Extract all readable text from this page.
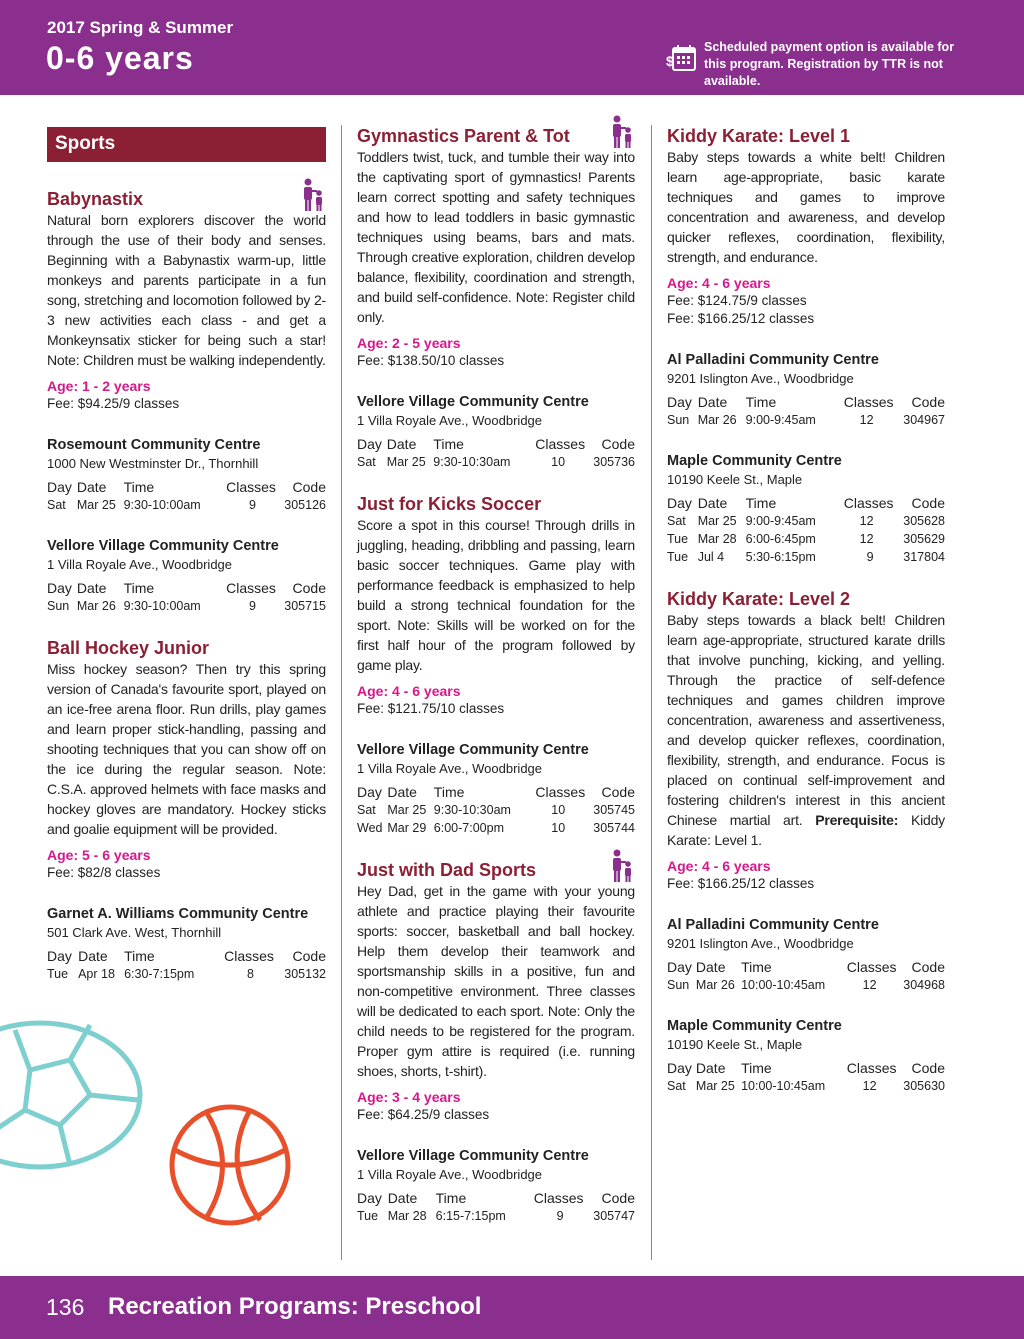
2017 Spring & Summer
0-6 years	$
Scheduled payment option is available for this program. Registration by TTR is not available.
Sports
Babynastix

Natural born explorers discover the world through the use of their body and senses. Beginning with a Babynastix warm-up, little monkeys and parents participate in a fun song, stretching and locomotion followed by 2-3 new activities each class - and get a Monkeynsatix sticker for being such a star! Note: Children must be walking independently.

Age: 1 - 2 years
Fee: $94.25/9 classes
Rosemount Community Centre
1000 New Westminster Dr., Thornhill
Day	Date	Time	Classes	Code
Sat	Mar 25	9:30-10:00am	9	305126
Vellore Village Community Centre
1 Villa Royale Ave., Woodbridge
Day	Date	Time	Classes	Code
Sun	Mar 26	9:30-10:00am	9	305715
Ball Hockey Junior

Miss hockey season? Then try this spring version of Canada's favourite sport, played on an ice-free arena floor. Run drills, play games and learn proper stick-handling, passing and shooting techniques that you can show off on the ice during the regular season. Note: C.S.A. approved helmets with face masks and hockey gloves are mandatory. Hockey sticks and goalie equipment will be provided.

Age: 5 - 6 years
Fee: $82/8 classes
Garnet A. Williams Community Centre
501 Clark Ave. West, Thornhill
Day	Date	Time	Classes	Code
Tue	Apr 18	6:30-7:15pm	8	305132
Gymnastics Parent & Tot

Toddlers twist, tuck, and tumble their way into the captivating sport of gymnastics! Parents learn correct spotting and safety techniques and how to lead toddlers in basic gymnastic techniques using beams, bars and mats. Through creative exploration, children develop balance, flexibility, coordination and strength, and build self-confidence. Note: Register child only.

Age: 2 - 5 years
Fee: $138.50/10 classes
Vellore Village Community Centre
1 Villa Royale Ave., Woodbridge
Day	Date	Time	Classes	Code
Sat	Mar 25	9:30-10:30am	10	305736
Just for Kicks Soccer

Score a spot in this course! Through drills in juggling, heading, dribbling and passing, learn basic soccer techniques. Game play with performance feedback is emphasized to help build a strong technical foundation for the sport. Note: Skills will be worked on for the first half hour of the program followed by game play.

Age: 4 - 6 years
Fee: $121.75/10 classes
Vellore Village Community Centre
1 Villa Royale Ave., Woodbridge
Day	Date	Time	Classes	Code
Sat	Mar 25	9:30-10:30am	10	305745
Wed	Mar 29	6:00-7:00pm	10	305744
Just with Dad Sports

Hey Dad, get in the game with your young athlete and practice playing their favourite sports: soccer, basketball and ball hockey. Help them develop their teamwork and sportsmanship skills in a positive, fun and non-competitive environment. Three classes will be dedicated to each sport. Note: Only the child needs to be registered for the program. Proper gym attire is required (i.e. running shoes, shorts, t-shirt).

Age: 3 - 4 years
Fee: $64.25/9 classes
Vellore Village Community Centre
1 Villa Royale Ave., Woodbridge
Day	Date	Time	Classes	Code
Tue	Mar 28	6:15-7:15pm	9	305747
Kiddy Karate: Level 1

Baby steps towards a white belt! Children learn age-appropriate, basic karate techniques and games to improve concentration and awareness, and develop quicker reflexes, coordination, flexibility, strength, and endurance.

Age: 4 - 6 years
Fee: $124.75/9 classes
Fee: $166.25/12 classes
Al Palladini Community Centre
9201 Islington Ave., Woodbridge
Day	Date	Time	Classes	Code
Sun	Mar 26	9:00-9:45am	12	304967
Maple Community Centre
10190 Keele St., Maple
Day	Date	Time	Classes	Code
Sat	Mar 25	9:00-9:45am	12	305628
Tue	Mar 28	6:00-6:45pm	12	305629
Tue	Jul 4	5:30-6:15pm	9	317804
Kiddy Karate: Level 2

Baby steps towards a black belt! Children learn age-appropriate, structured karate drills that involve punching, kicking, and yelling. Through the practice of self-defence techniques and games children improve concentration, awareness and assertiveness, and develop quicker reflexes, coordination, flexibility, strength, and endurance. Focus is placed on continual self-improvement and fostering children's interest in this ancient Chinese martial art. Prerequisite: Kiddy Karate: Level 1.

Age: 4 - 6 years
Fee: $166.25/12 classes
Al Palladini Community Centre
9201 Islington Ave., Woodbridge
Day	Date	Time	Classes	Code
Sun	Mar 26	10:00-10:45am	12	304968
Maple Community Centre
10190 Keele St., Maple
Day	Date	Time	Classes	Code
Sat	Mar 25	10:00-10:45am	12	305630
136 Recreation Programs: Preschool
